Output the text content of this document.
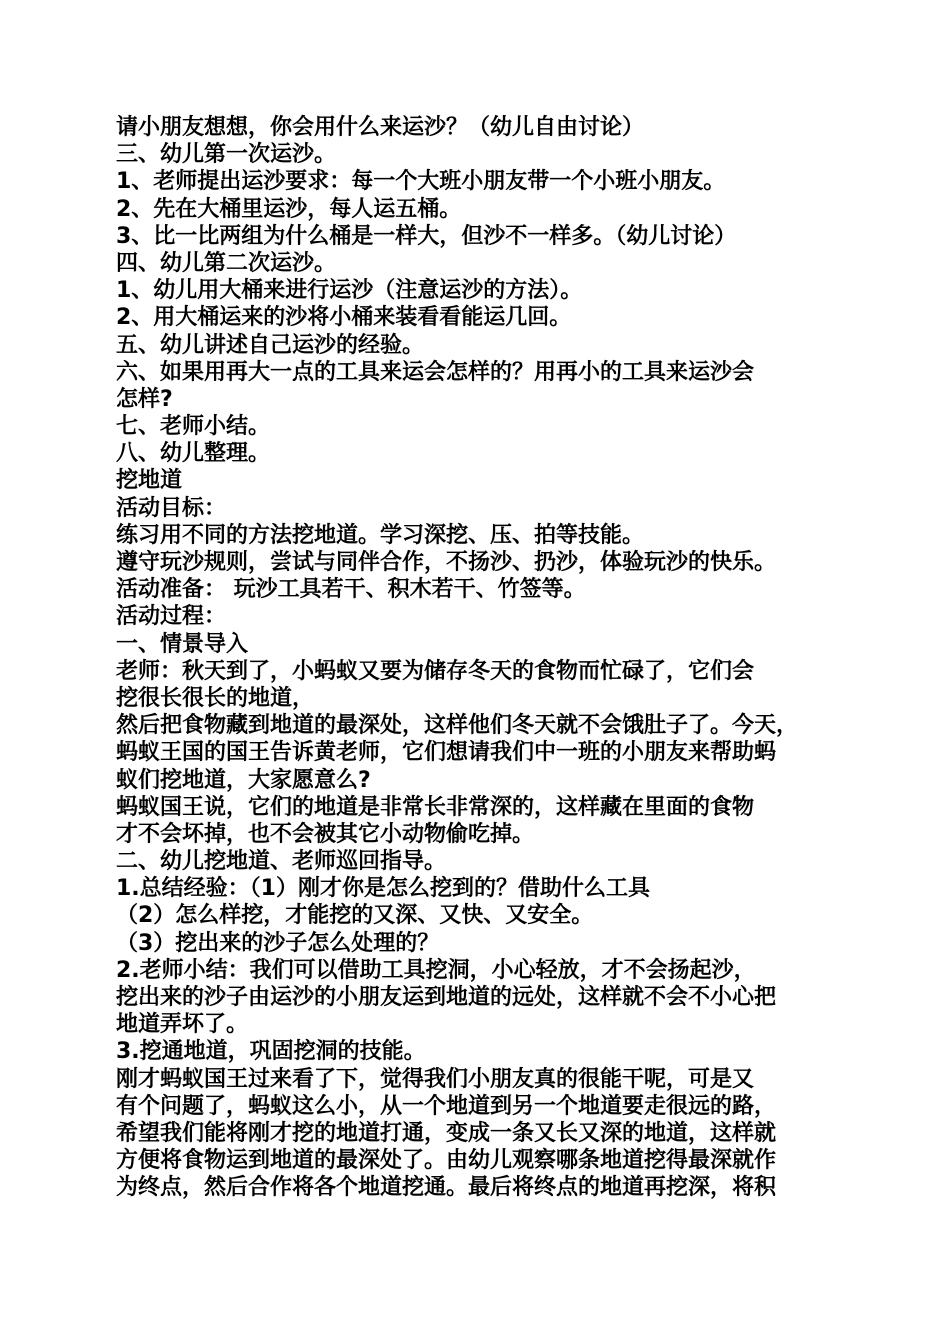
请小朋友想想，你会用什么来运沙？（幼儿自由讨论）
三、幼儿第一次运沙。
1、老师提出运沙要求：每一个大班小朋友带一个小班小朋友。
2、先在大桶里运沙，每人运五桶。
3、比一比两组为什么桶是一样大，但沙不一样多。（幼儿讨论）
四、幼儿第二次运沙。
1、幼儿用大桶来进行运沙（注意运沙的方法）。
2、用大桶运来的沙将小桶来装看看能运几回。
五、幼儿讲述自己运沙的经验。
六、如果用再大一点的工具来运会怎样的？用再小的工具来运沙会
怎样?
七、老师小结。
八、幼儿整理。
挖地道
活动目标：
练习用不同的方法挖地道。学习深挖、压、拍等技能。
遵守玩沙规则，尝试与同伴合作，不扬沙、扔沙，体验玩沙的快乐。
活动准备： 玩沙工具若干、积木若干、竹签等。
活动过程：
一、情景导入
老师：秋天到了，小蚂蚁又要为储存冬天的食物而忙碌了，它们会
挖很长很长的地道，
然后把食物藏到地道的最深处，这样他们冬天就不会饿肚子了。今天，
蚂蚁王国的国王告诉黄老师，它们想请我们中一班的小朋友来帮助蚂
蚁们挖地道，大家愿意么?
蚂蚁国王说，它们的地道是非常长非常深的，这样藏在里面的食物
才不会坏掉，也不会被其它小动物偷吃掉。
二、幼儿挖地道、老师巡回指导。
1.总结经验：（1）刚才你是怎么挖到的？借助什么工具
（2）怎么样挖，才能挖的又深、又快、又安全。
（3）挖出来的沙子怎么处理的？
2.老师小结：我们可以借助工具挖洞，小心轻放，才不会扬起沙，
挖出来的沙子由运沙的小朋友运到地道的远处，这样就不会不小心把
地道弄坏了。
3.挖通地道，巩固挖洞的技能。
刚才蚂蚁国王过来看了下，觉得我们小朋友真的很能干呢，可是又
有个问题了，蚂蚁这么小，从一个地道到另一个地道要走很远的路，
希望我们能将刚才挖的地道打通，变成一条又长又深的地道，这样就
方便将食物运到地道的最深处了。由幼儿观察哪条地道挖得最深就作
为终点，然后合作将各个地道挖通。最后将终点的地道再挖深，将积
